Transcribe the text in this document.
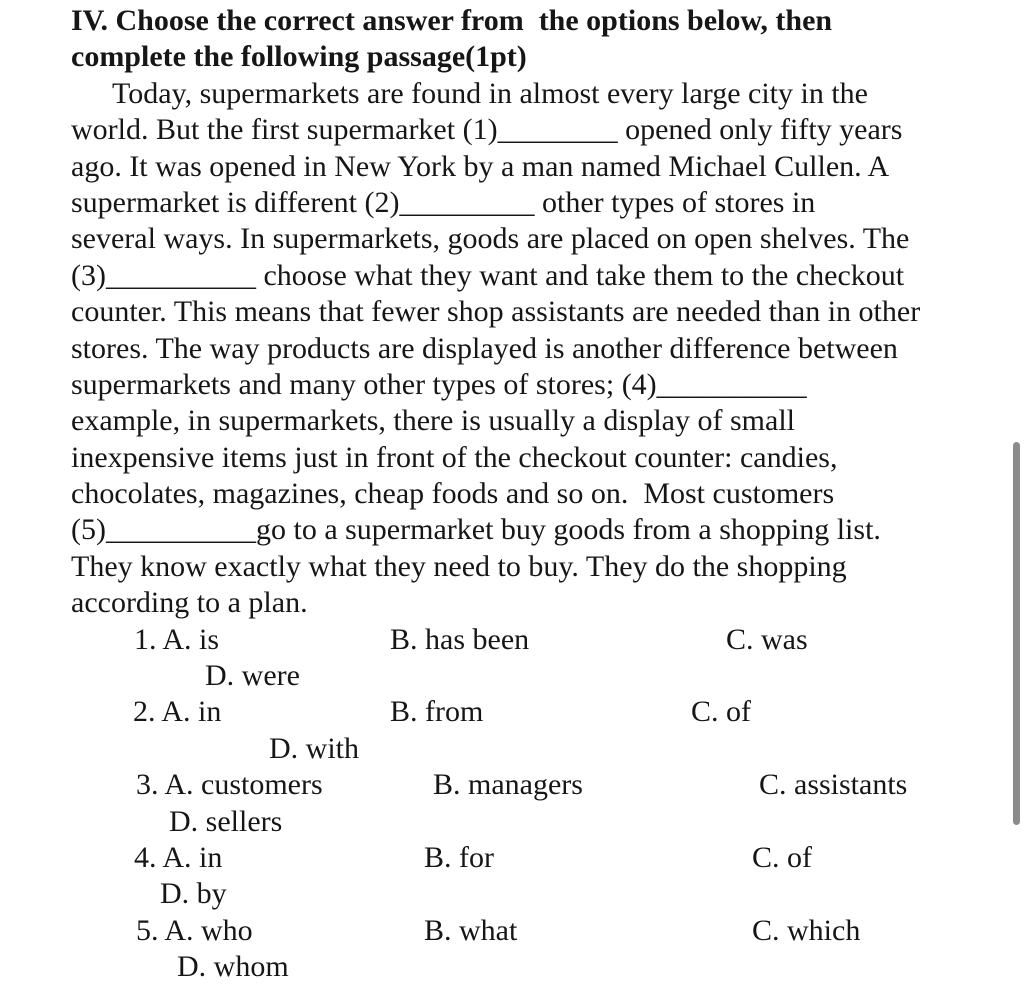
IV. Choose the correct answer from  the options below, then
complete the following passage(1pt)
Today, supermarkets are found in almost every large city in the
world. But the first supermarket (1)________ opened only fifty years
ago. It was opened in New York by a man named Michael Cullen. A
supermarket is different (2)_________ other types of stores in
several ways. In supermarkets, goods are placed on open shelves. The
(3)__________ choose what they want and take them to the checkout
counter. This means that fewer shop assistants are needed than in other
stores. The way products are displayed is another difference between
supermarkets and many other types of stores; (4)__________
example, in supermarkets, there is usually a display of small
inexpensive items just in front of the checkout counter: candies,
chocolates, magazines, cheap foods and so on.  Most customers
(5)__________go to a supermarket buy goods from a shopping list.
They know exactly what they need to buy. They do the shopping
according to a plan.

1. A. is

	B. has been

	C. was

D. were

2. A. in

	B. from

	C. of

D. with

3. A. customers

	B. managers

	C. assistants

D. sellers

4. A. in

	B. for

	C. of

D. by

5. A. who

	B. what

	C. which

D. whom
